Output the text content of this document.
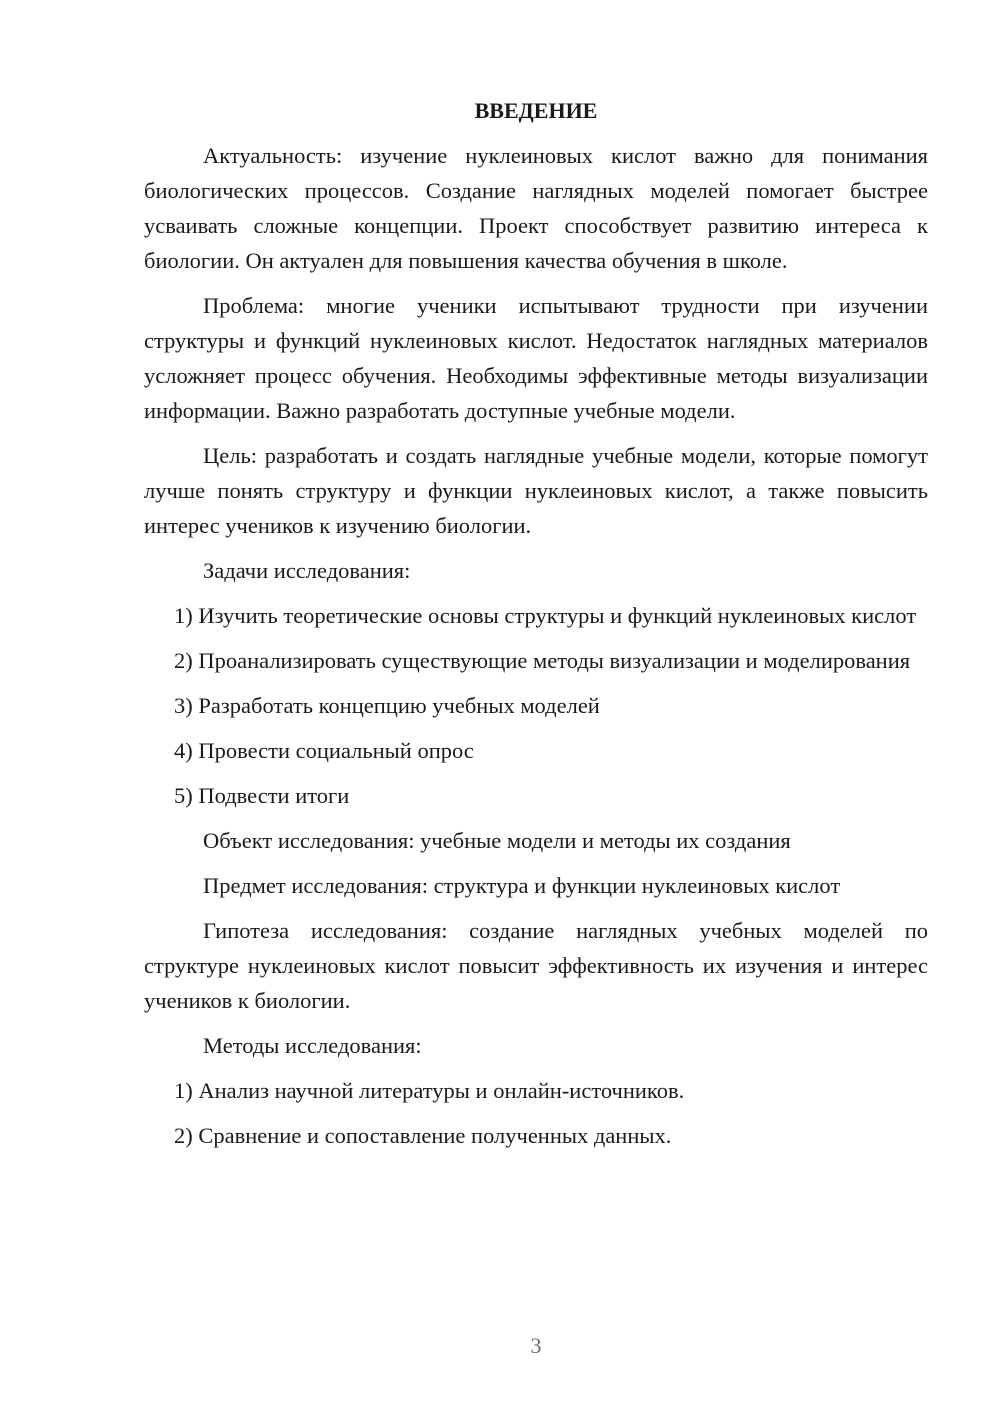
ВВЕДЕНИЕ

Актуальность: изучение нуклеиновых кислот важно для понимания биологических процессов. Создание наглядных моделей помогает быстрее усваивать сложные концепции. Проект способствует развитию интереса к биологии. Он актуален для повышения качества обучения в школе.

Проблема: многие ученики испытывают трудности при изучении структуры и функций нуклеиновых кислот. Недостаток наглядных материалов усложняет процесс обучения. Необходимы эффективные методы визуализации информации. Важно разработать доступные учебные модели.

Цель: разработать и создать наглядные учебные модели, которые помогут лучше понять структуру и функции нуклеиновых кислот, а также повысить интерес учеников к изучению биологии.

Задачи исследования:

1) Изучить теоретические основы структуры и функций нуклеиновых кислот

2) Проанализировать существующие методы визуализации и моделирования

3) Разработать концепцию учебных моделей

4) Провести социальный опрос

5) Подвести итоги

Объект исследования: учебные модели и методы их создания

Предмет исследования: структура и функции нуклеиновых кислот

Гипотеза исследования: создание наглядных учебных моделей по структуре нуклеиновых кислот повысит эффективность их изучения и интерес учеников к биологии.

Методы исследования:

1) Анализ научной литературы и онлайн-источников.

2) Сравнение и сопоставление полученных данных.

3
